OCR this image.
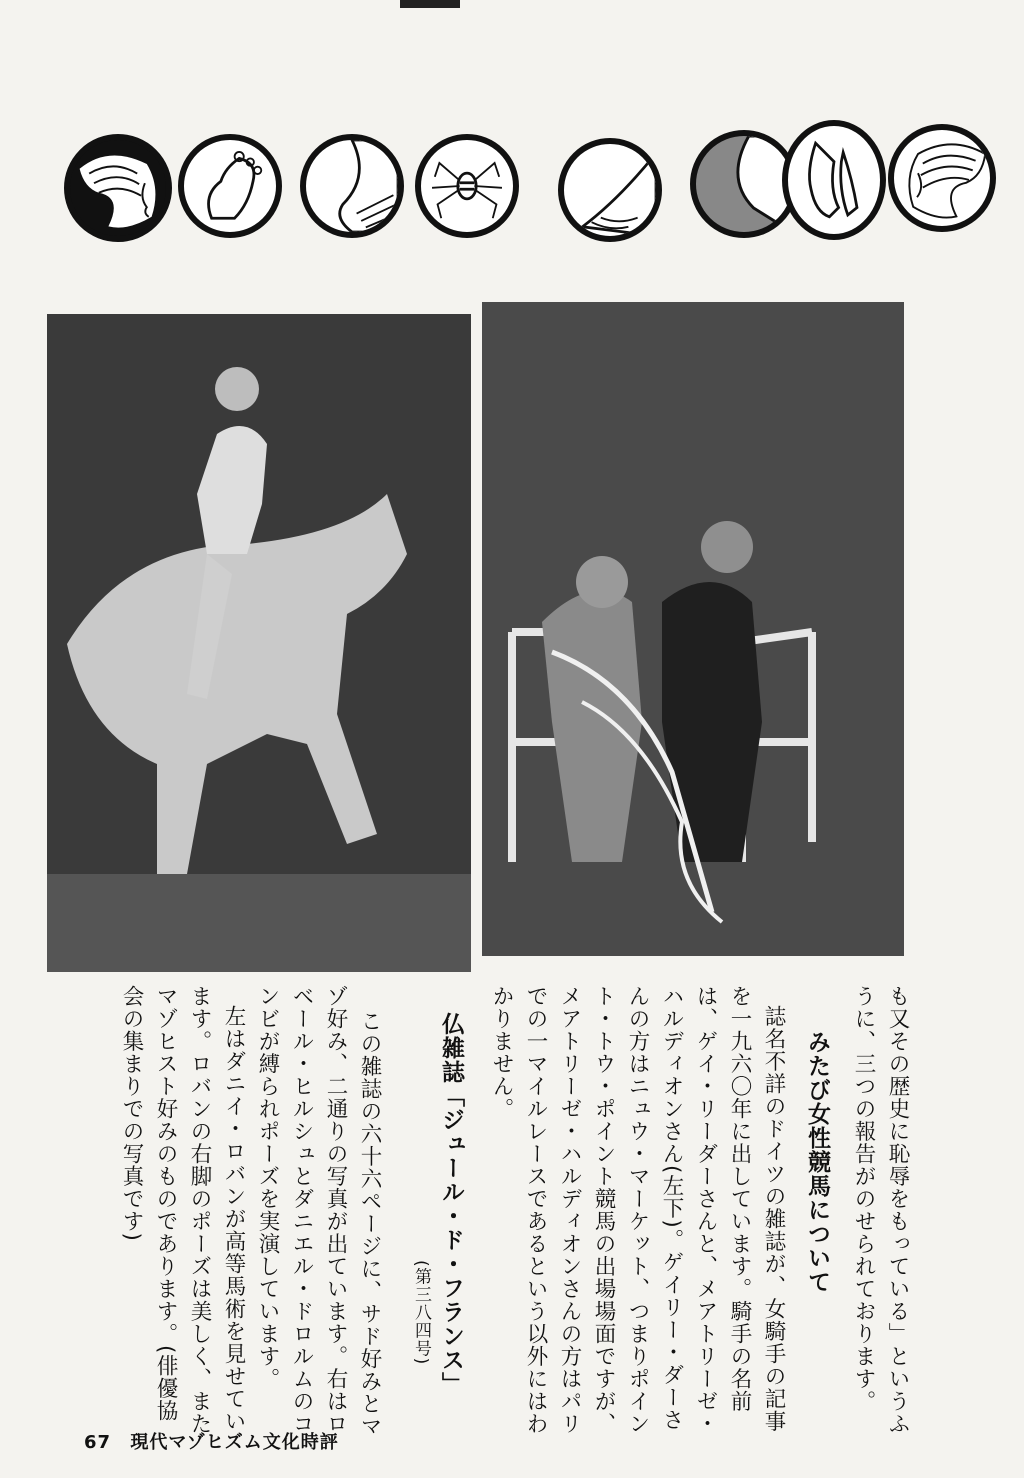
も又その歴史に恥辱をもっている」というふ
うに、三つの報告がのせられております。
みたび女性競馬について
誌名不詳のドイツの雑誌が、女騎手の記事
を一九六〇年に出しています。騎手の名前
は、ゲイ・リーダーさんと、メアトリーゼ・
ハルディオンさん(左下)。ゲイリー・ダーさ
んの方はニュウ・マーケット、つまりポイン
ト・トウ・ポイント競馬の出場場面ですが、
メアトリーゼ・ハルディオンさんの方はパリ
での一マイルレースであるという以外にはわ
かりません。
仏雑誌「ジュール・ド・フランス」
(第三八四号)
この雑誌の六十六ページに、サド好みとマ
ゾ好み、二通りの写真が出ています。右はロ
ベール・ヒルシュとダニエル・ドロルムのコ
ンビが縛られポーズを実演しています。
左はダニイ・ロバンが高等馬術を見せてい
ます。ロバンの右脚のポーズは美しく、また
マゾヒスト好みのものであります。(俳優協
会の集まりでの写真です)
67 現代マゾヒズム文化時評
